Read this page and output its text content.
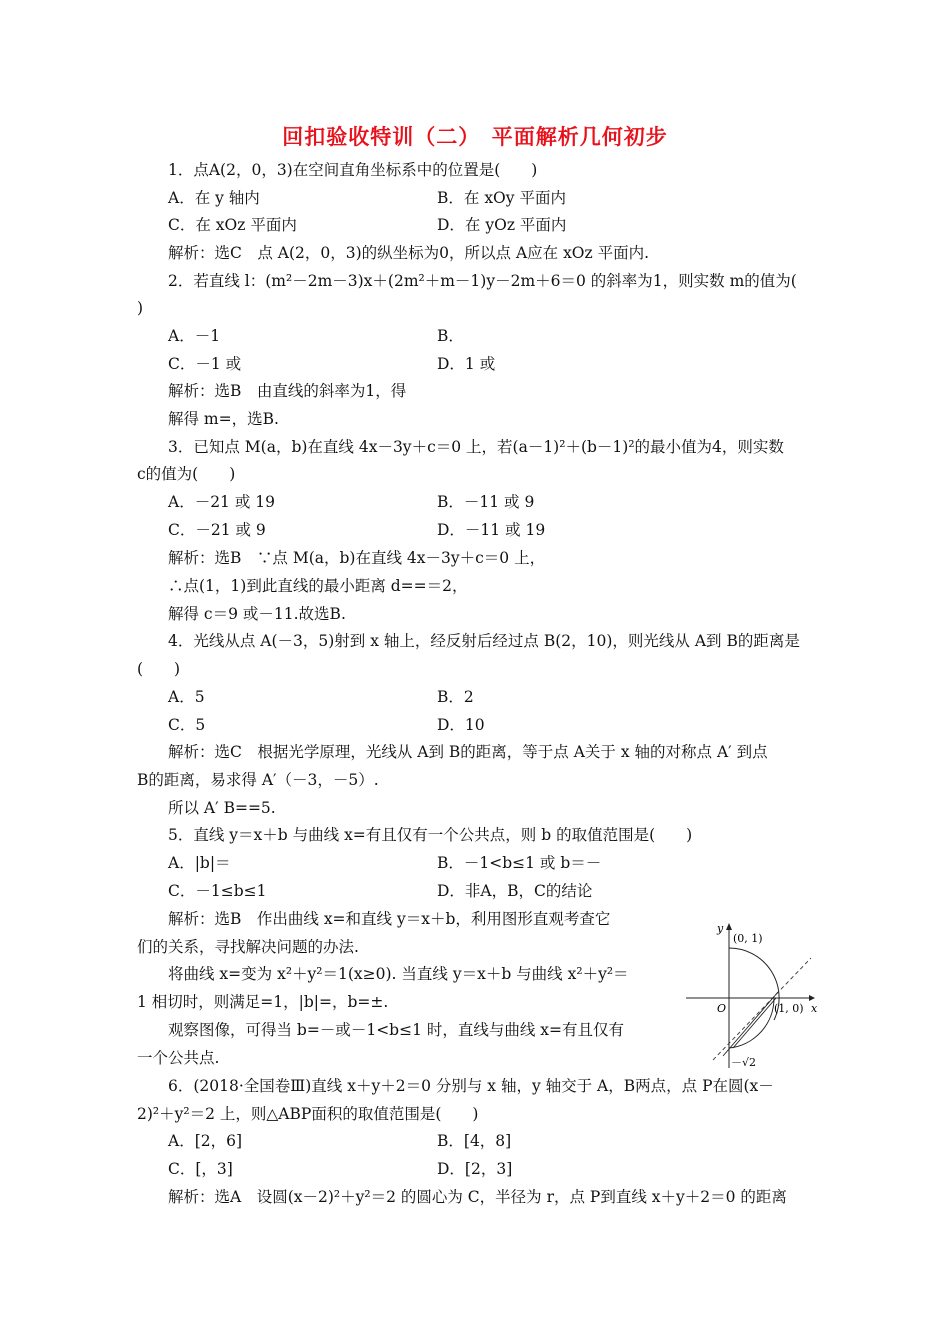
回扣验收特训（二）　平面解析几何初步
1．点A(2，0，3)在空间直角坐标系中的位置是(　　)
A．在 y 轴内	B．在 xOy 平面内
C．在 xOz 平面内	D．在 yOz 平面内
解析：选C　点 A(2，0，3)的纵坐标为0，所以点 A应在 xOz 平面内.
2．若直线 l：(m²－2m－3)x＋(2m²＋m－1)y－2m＋6＝0 的斜率为1，则实数 m的值为(
)
A．－1	B．
C．－1 或	D．1 或
解析：选B　由直线的斜率为1，得
解得 m=，选B.
3．已知点 M(a，b)在直线 4x－3y＋c＝0 上，若(a－1)²＋(b－1)²的最小值为4，则实数
c的值为(　　)
A．－21 或 19	B．－11 或 9
C．－21 或 9	D．－11 或 19
解析：选B　∵点 M(a，b)在直线 4x－3y＋c＝0 上，
∴点(1，1)到此直线的最小距离 d==＝2，
解得 c＝9 或－11.故选B.
4．光线从点 A(－3，5)射到 x 轴上，经反射后经过点 B(2，10)，则光线从 A到 B的距离是
(　　)
A．5	B．2
C．5	D．10
解析：选C　根据光学原理，光线从 A到 B的距离，等于点 A关于 x 轴的对称点 A′ 到点
B的距离，易求得 A′（－3，－5）.
所以 A′ B==5.
5．直线 y＝x＋b 与曲线 x=有且仅有一个公共点，则 b 的取值范围是(　　)
A．|b|＝	B．－1<b≤1 或 b＝－
C．－1≤b≤1	D．非A，B，C的结论
解析：选B　作出曲线 x=和直线 y＝x＋b，利用图形直观考查它
们的关系，寻找解决问题的办法.
将曲线 x=变为 x²＋y²＝1(x≥0). 当直线 y＝x＋b 与曲线 x²＋y²＝
1 相切时，则满足=1，|b|=，b=±.
观察图像，可得当 b=－或－1<b≤1 时，直线与曲线 x=有且仅有
一个公共点.
y
x
O
(0, 1)
(1, 0)
－√2
6．(2018·全国卷Ⅲ)直线 x＋y＋2＝0 分别与 x 轴，y 轴交于 A，B两点，点 P在圆(x－
2)²＋y²＝2 上，则△ABP面积的取值范围是(　　)
A．[2，6]	B．[4，8]
C．[，3]	D．[2，3]
解析：选A　设圆(x－2)²＋y²＝2 的圆心为 C，半径为 r，点 P到直线 x＋y＋2＝0 的距离
